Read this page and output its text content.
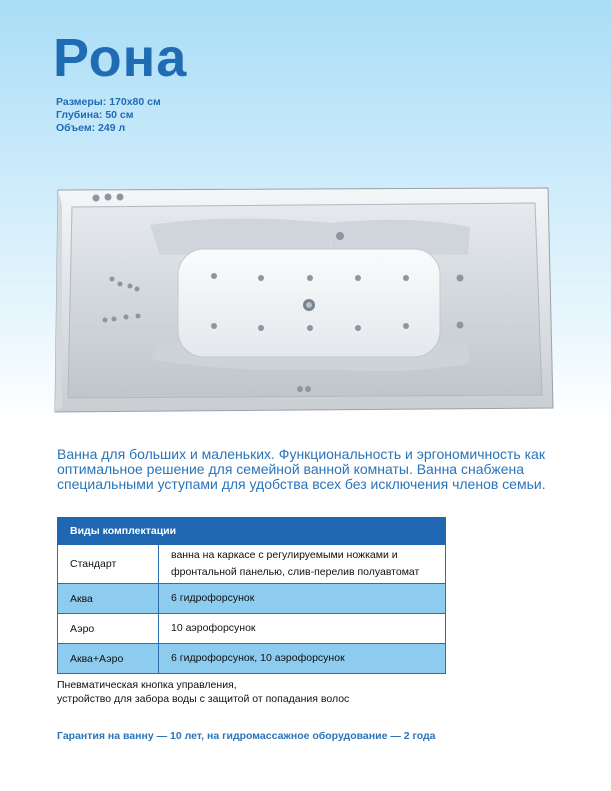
Рона
Размеры: 170х80 см
Глубина: 50 см
Объем: 249 л
Ванна для больших и маленьких. Функциональность и эргономичность как оптимальное решение для семейной ванной комнаты. Ванна снабжена специальными уступами для удобства всех без исключения членов семьи.
Виды комплектации	
Стандарт	ванна на каркасе с регулируемыми ножками и фронтальной панелью, слив-перелив полуавтомат
Аква	6 гидрофорсунок
Аэро	10 аэрофорсунок
Аква+Аэро	6 гидрофорсунок, 10 аэрофорсунок
Пневматическая кнопка управления,
устройство для забора воды с защитой от попадания волос
Гарантия на ванну — 10 лет, на гидромассажное оборудование — 2 года
